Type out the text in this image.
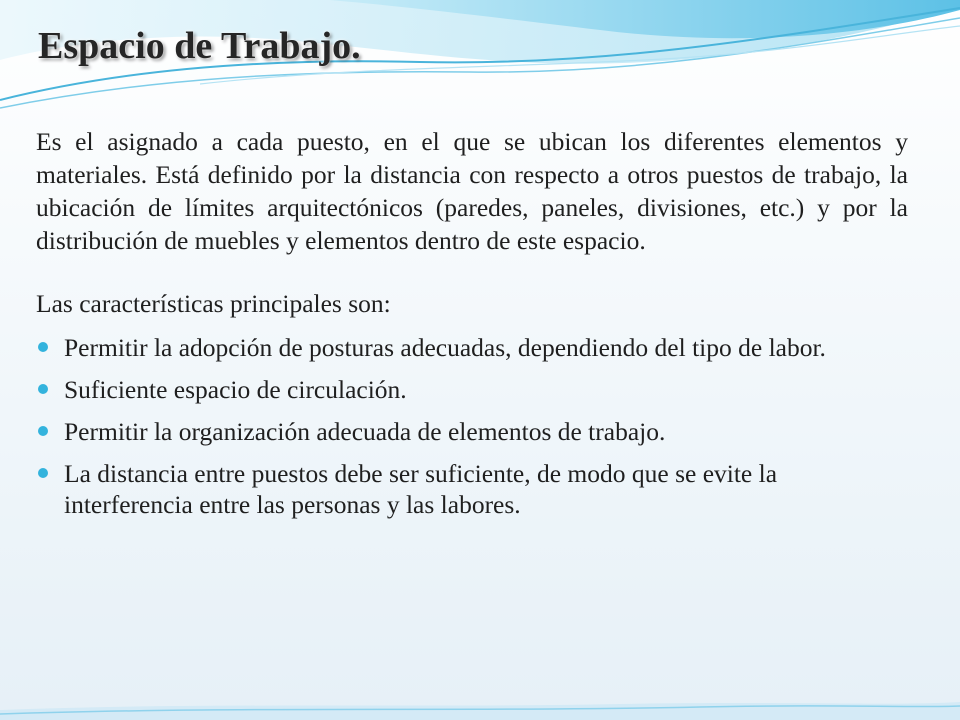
Espacio de Trabajo.

Es el asignado a cada puesto, en el que se ubican los diferentes elementos y materiales. Está definido por la distancia con respecto a otros puestos de trabajo, la ubicación de límites arquitectónicos (paredes, paneles, divisiones, etc.) y por la distribución de muebles y elementos dentro de este espacio.

Las características principales son:

Permitir la adopción de posturas adecuadas, dependiendo del tipo de labor.
Suficiente espacio de circulación.
Permitir la organización adecuada de elementos de trabajo.
La distancia entre puestos debe ser suficiente, de modo que se evite la interferencia entre las personas y las labores.
